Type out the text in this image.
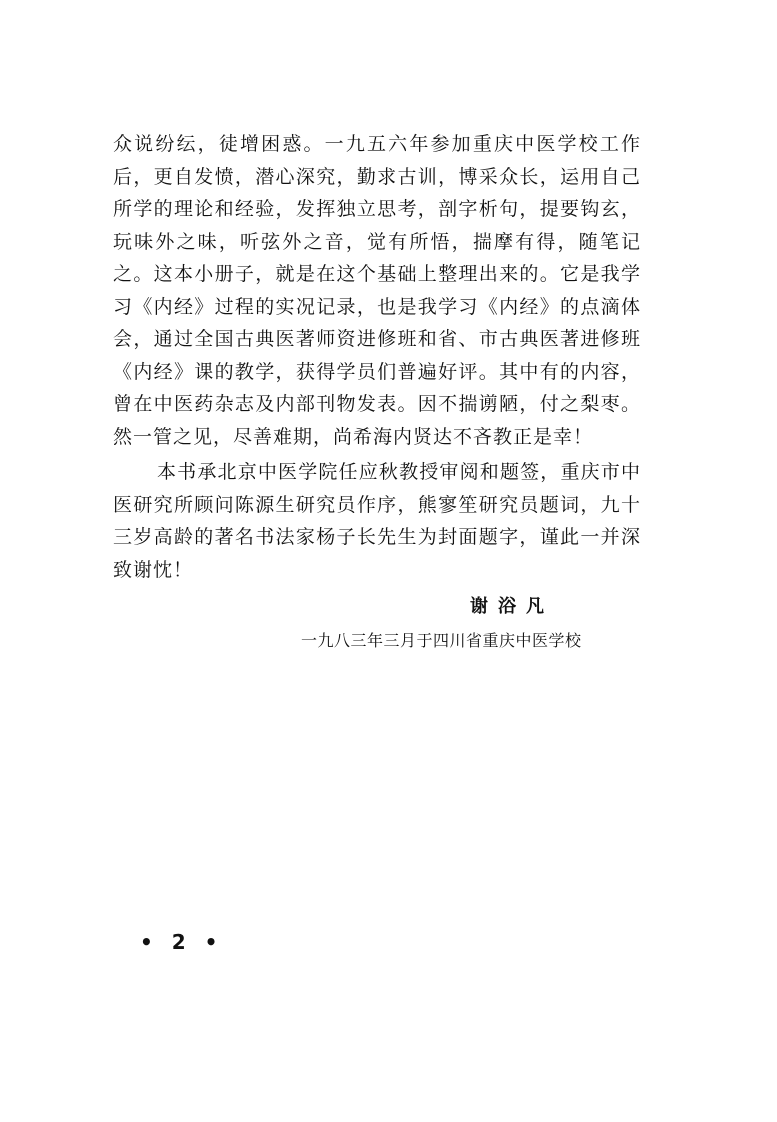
众说纷纭，徒增困惑。一九五六年参加重庆中医学校工作
后，更自发愤，潜心深究，勤求古训，博采众长，运用自己
所学的理论和经验，发挥独立思考，剖字析句，提要钩玄，
玩味外之味，听弦外之音，觉有所悟，揣摩有得，随笔记
之。这本小册子，就是在这个基础上整理出来的。它是我学
习《内经》过程的实况记录，也是我学习《内经》的点滴体
会，通过全国古典医著师资进修班和省、市古典医著进修班
《内经》课的教学，获得学员们普遍好评。其中有的内容，
曾在中医药杂志及内部刊物发表。因不揣谫陋，付之梨枣。
然一管之见，尽善难期，尚希海内贤达不吝教正是幸！
本书承北京中医学院任应秋教授审阅和题签，重庆市中
医研究所顾问陈源生研究员作序，熊寥笙研究员题词，九十
三岁高龄的著名书法家杨子长先生为封面题字，谨此一并深
致谢忱！
谢浴凡
一九八三年三月于四川省重庆中医学校
• 2 •
